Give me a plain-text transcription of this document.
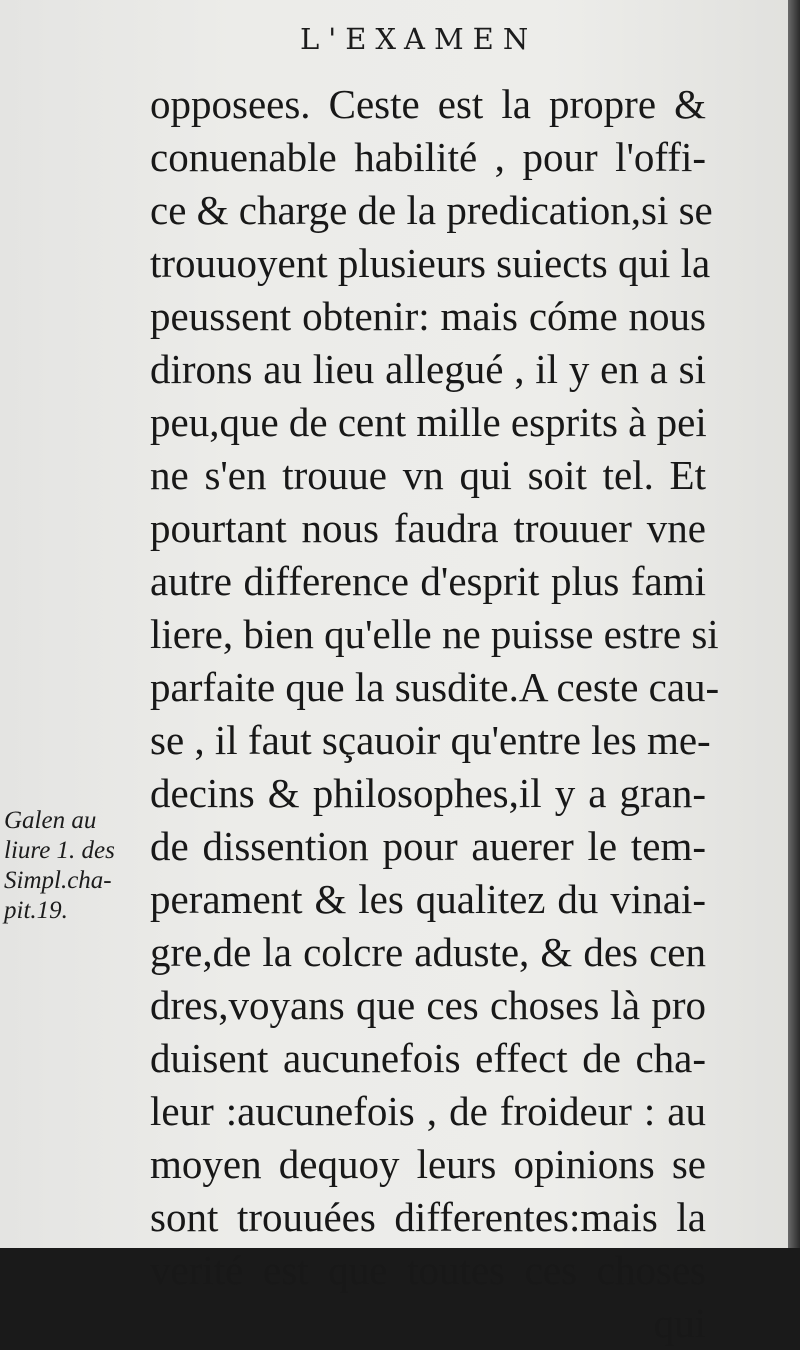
L'EXAMEN
opposees. Ceste est la propre &
conuenable habilité , pour l'offi-
ce & charge de la predication,si se
trouuoyent plusieurs suiects qui la
peussent obtenir: mais cóme nous
dirons au lieu allegué , il y en a si
peu,que de cent mille esprits à pei
ne s'en trouue vn qui soit tel. Et
pourtant nous faudra trouuer vne
autre difference d'esprit plus fami
liere, bien qu'elle ne puisse estre si
parfaite que la susdite.A ceste cau-
se , il faut sçauoir qu'entre les me-
decins & philosophes,il y a gran-
de dissention pour auerer le tem-
perament & les qualitez du vinai-
gre,de la colcre aduste, & des cen
dres,voyans que ces choses là pro
duisent aucunefois effect de cha-
leur :aucunefois , de froideur : au
moyen dequoy leurs opinions se
sont trouuées differentes:mais la
verité est que toutes ces choses
qui
Galen au
liure 1. des
Simpl.cha-
pit.19.
